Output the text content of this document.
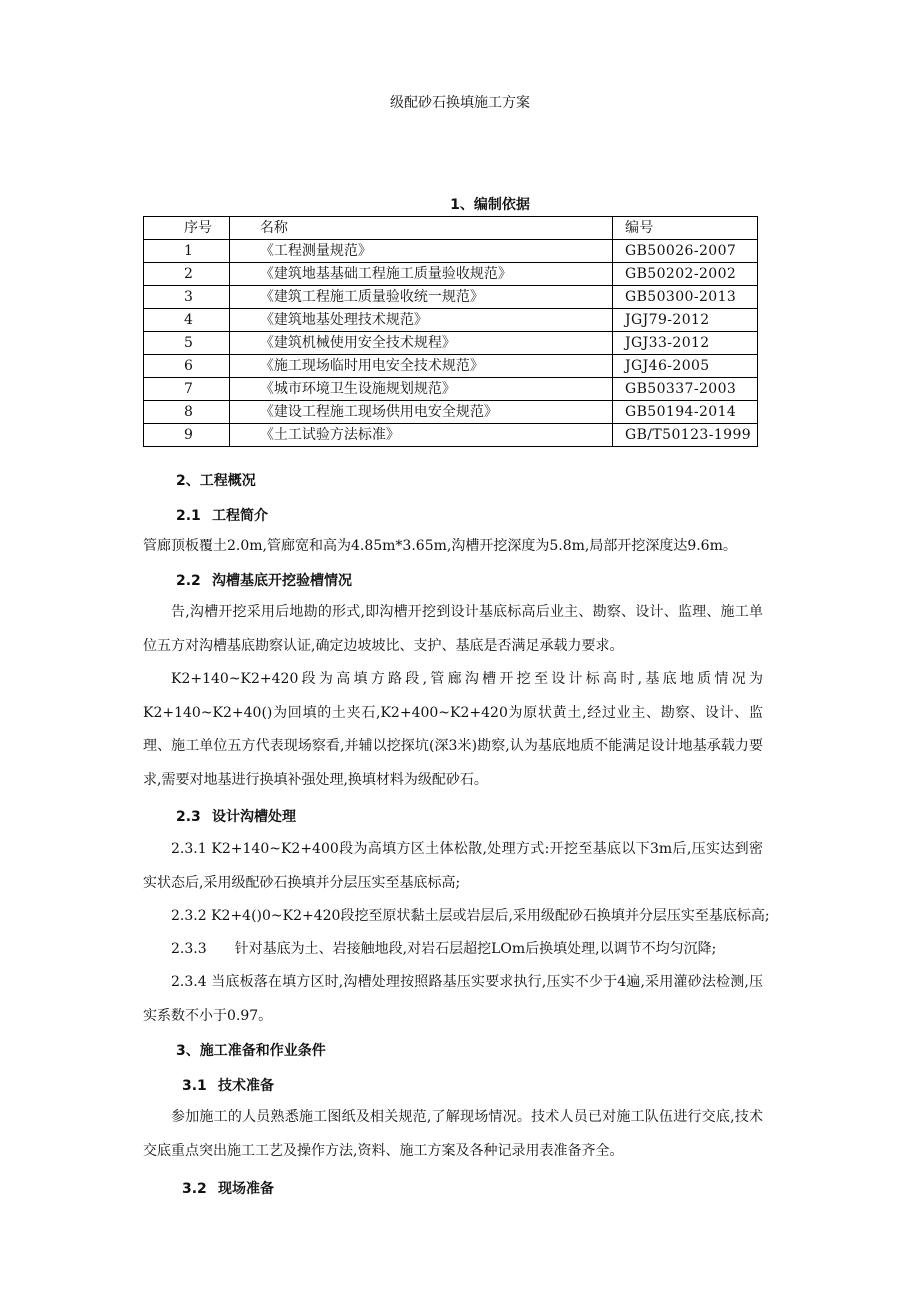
级配砂石换填施工方案
1、编制依据
序号	名称	编号
1	《工程测量规范》	GB50026-2007
2	《建筑地基基础工程施工质量验收规范》	GB50202-2002
3	《建筑工程施工质量验收统一规范》	GB50300-2013
4	《建筑地基处理技术规范》	JGJ79-2012
5	《建筑机械使用安全技术规程》	JGJ33-2012
6	《施工现场临时用电安全技术规范》	JGJ46-2005
7	《城市环境卫生设施规划规范》	GB50337-2003
8	《建设工程施工现场供用电安全规范》	GB50194-2014
9	《土工试验方法标准》	GB/T50123-1999
2、工程概况
2.1 工程简介
管廊顶板覆土2.0m,管廊宽和高为4.85m*3.65m,沟槽开挖深度为5.8m,局部开挖深度达9.6m。
2.2 沟槽基底开挖验槽情况
告,沟槽开挖采用后地勘的形式,即沟槽开挖到设计基底标高后业主、勘察、设计、监理、施工单位五方对沟槽基底勘察认证,确定边坡坡比、支护、基底是否满足承载力要求。
K2+140~K2+420段为高填方路段,管廊沟槽开挖至设计标高时,基底地质情况为K2+140~K2+40()为回填的土夹石,K2+400~K2+420为原状黄土,经过业主、勘察、设计、监理、施工单位五方代表现场察看,并辅以挖探坑(深3米)勘察,认为基底地质不能满足设计地基承载力要求,需要对地基进行换填补强处理,换填材料为级配砂石。
2.3 设计沟槽处理
2.3.1 K2+140~K2+400段为高填方区土体松散,处理方式:开挖至基底以下3m后,压实达到密实状态后,采用级配砂石换填并分层压实至基底标高;
2.3.2 K2+4()0~K2+420段挖至原状黏土层或岩层后,采用级配砂石换填并分层压实至基底标高;
2.3.3　　针对基底为土、岩接触地段,对岩石层超挖LOm后换填处理,以调节不均匀沉降;
2.3.4 当底板落在填方区时,沟槽处理按照路基压实要求执行,压实不少于4遍,采用灌砂法检测,压实系数不小于0.97。
3、施工准备和作业条件
3.1 技术准备
参加施工的人员熟悉施工图纸及相关规范,了解现场情况。技术人员已对施工队伍进行交底,技术交底重点突出施工工艺及操作方法,资料、施工方案及各种记录用表准备齐全。
3.2 现场准备
